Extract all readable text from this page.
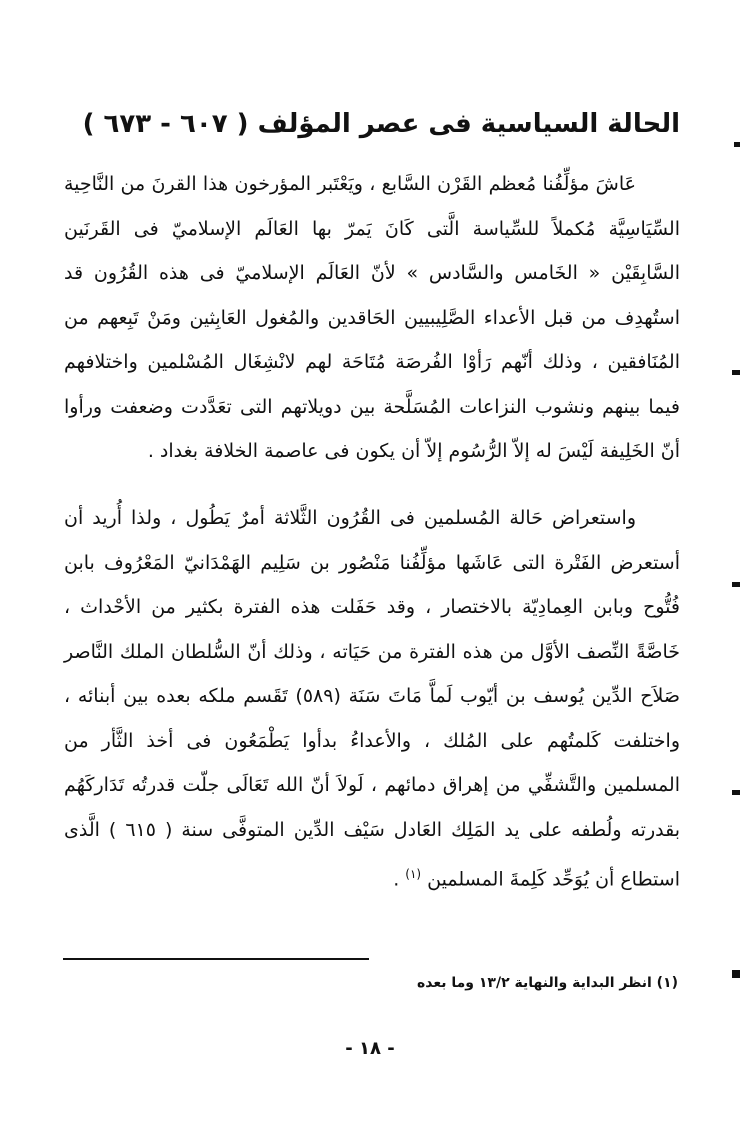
الحالة السياسية فى عصر المؤلف ( ٦٠٧ - ٦٧٣ )
عَاشَ مؤلِّفُنا مُعظم القَرْن السَّابع ، ويَعْتَبر المؤرخون هذا القرنَ من النَّاحِية السِّيَاسِيَّة مُكملاً للسِّياسة الَّتى كَانَ يَمرّ بها العَالَم الإسلاميّ فى القَرنَين السَّابِقَيْن « الخَامس والسَّادس » لأنّ العَالَم الإسلاميّ فى هذه القُرُون قد استُهدِف من قبل الأعداء الصَّلِيبيين الحَاقدين والمُغول العَابِثين ومَنْ تَبِعهم من المُنَافقين ، وذلك أنّهم رَأوْا الفُرصَة مُتَاحَة لهم لانْشِغَال المُسْلمين واختلافهم فيما بينهم ونشوب النزاعات المُسَلَّحة بين دويلاتهم التى تعَدَّدت وضعفت ورأوا أنّ الخَلِيفة لَيْسَ له إلاّ الرُّسُوم إلاّ أن يكون فى عاصمة الخلافة بغداد .
واستعراض حَالة المُسلمين فى القُرُون الثَّلاثة أمرٌ يَطُول ، ولذا أُريد أن أستعرض الفَتْرة التى عَاشَها مؤلِّفُنا مَنْصُور بن سَلِيم الهَمْدَانيّ المَعْرُوف بابن فُتُّوح وبابن العِمادِيّة بالاختصار ، وقد حَفَلت هذه الفترة بكثير من الأحْداث ، خَاصَّةً النِّصف الأوَّل من هذه الفترة من حَيَاته ، وذلك أنّ السُّلطان الملك النَّاصر صَلاَح الدِّين يُوسف بن أيّوب لَماَّ مَاتَ سَنَة (٥٨٩) تَقَسم ملكه بعده بين أبنائه ، واختلفت كَلمتُهم على المُلك ، والأعداءُ بدأوا يَطْمَعُون فى أخذ الثَّأر من المسلمين والتَّشفِّي من إهراق دمائهم ، لَولاَ أنّ الله تَعَالَى جلّت قدرتُه تَدَاركَهُم بقدرته ولُطفه على يد المَلِك العَادل سَيْف الدِّين المتوفَّى سنة ( ٦١٥ ) الَّذى استطاع أن يُوَحِّد كَلِمةَ المسلمين $^{(١)}$ .
(١) انظر البداية والنهاية ١٣/٢ وما بعده
- ١٨ -
